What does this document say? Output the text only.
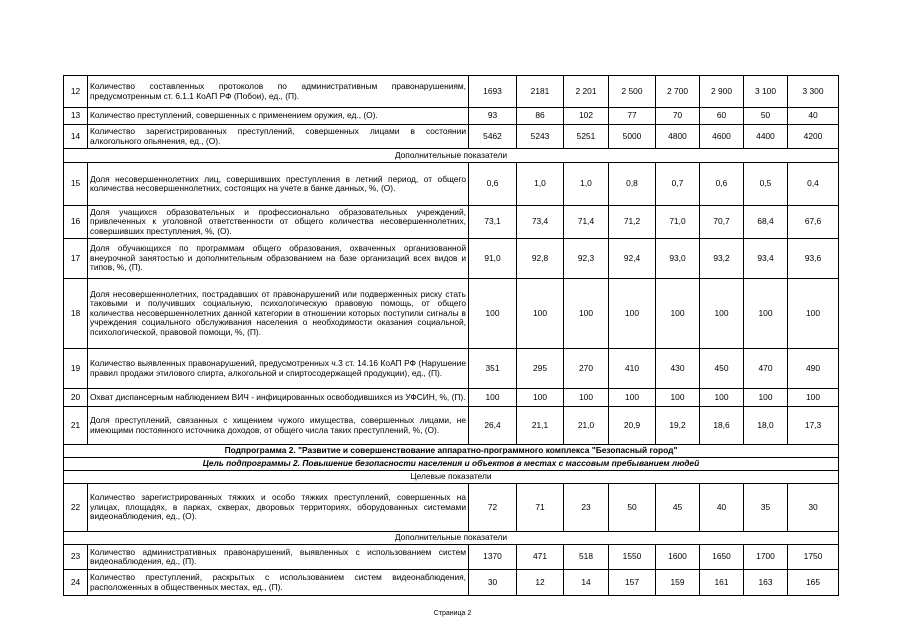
12	Количество составленных протоколов по административным правонарушениям, предусмотренным ст. 6.1.1 КоАП РФ (Побои), ед., (П).	1693	2181	2 201	2 500	2 700	2 900	3 100	3 300
13	Количество преступлений, совершенных с применением оружия, ед., (О).	93	86	102	77	70	60	50	40
14	Количество зарегистрированных преступлений, совершенных лицами в состоянии алкогольного опьянения, ед., (О).	5462	5243	5251	5000	4800	4600	4400	4200
Дополнительные показатели									
15	Доля несовершеннолетних лиц, совершивших преступления в летний период, от общего количества несовершеннолетних, состоящих на учете в банке данных, %, (О).	0,6	1,0	1,0	0,8	0,7	0,6	0,5	0,4
16	Доля учащихся образовательных и профессионально образовательных учреждений, привлеченных к уголовной ответственности от общего количества несовершеннолетних, совершивших преступления, %, (О).	73,1	73,4	71,4	71,2	71,0	70,7	68,4	67,6
17	Доля обучающихся по программам общего образования, охваченных организованной внеурочной занятостью и дополнительным образованием на базе организаций всех видов и типов, %, (П).	91,0	92,8	92,3	92,4	93,0	93,2	93,4	93,6
18	Доля несовершеннолетних, пострадавших от правонарушений или подверженных риску стать таковыми и получивших социальную, психологическую правовую помощь, от общего количества несовершеннолетних данной категории в отношении которых поступили сигналы в учреждения социального обслуживания населения о необходимости оказания социальной, психологической, правовой помощи, %, (П).	100	100	100	100	100	100	100	100
19	Количество выявленных правонарушений, предусмотренных ч.3 ст. 14.16 КоАП РФ (Нарушение правил продажи этилового спирта, алкогольной и спиртосодержащей продукции), ед., (П).	351	295	270	410	430	450	470	490
20	Охват диспансерным наблюдением ВИЧ - инфицированных освободившихся из УФСИН, %, (П).	100	100	100	100	100	100	100	100
21	Доля преступлений, связанных с хищением чужого имущества, совершенных лицами, не имеющими постоянного источника доходов, от общего числа таких преступлений, %, (О).	26,4	21,1	21,0	20,9	19,2	18,6	18,0	17,3
Подпрограмма 2. "Развитие и совершенствование аппаратно-программного комплекса "Безопасный город"									
Цель подпрограммы 2. Повышение безопасности населения и объектов в местах с массовым пребыванием людей									
Целевые показатели									
22	Количество зарегистрированных тяжких и особо тяжких преступлений, совершенных на улицах, площадях, в парках, скверах, дворовых территориях, оборудованных системами видеонаблюдения, ед., (О).	72	71	23	50	45	40	35	30
Дополнительные показатели									
23	Количество административных правонарушений, выявленных с использованием систем видеонаблюдения, ед., (П).	1370	471	518	1550	1600	1650	1700	1750
24	Количество преступлений, раскрытых с использованием систем видеонаблюдения, расположенных в общественных местах, ед., (П).	30	12	14	157	159	161	163	165
Страница 2
